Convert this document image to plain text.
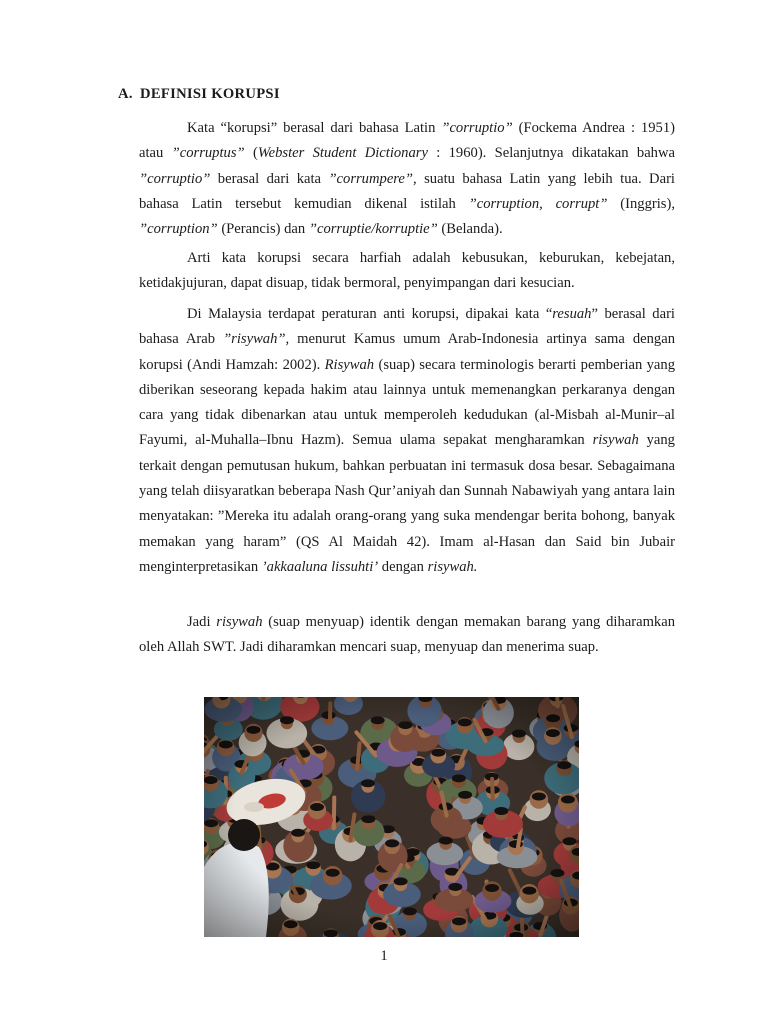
A. DEFINISI KORUPSI

Kata “korupsi” berasal dari bahasa Latin ”corruptio” (Fockema Andrea : 1951) atau ”corruptus” (Webster Student Dictionary : 1960). Selanjutnya dikatakan bahwa ”corruptio” berasal dari kata ”corrumpere”, suatu bahasa Latin yang lebih tua. Dari bahasa Latin tersebut kemudian dikenal istilah ”corruption, corrupt” (Inggris), ”corruption” (Perancis) dan ”corruptie/korruptie” (Belanda).

Arti kata korupsi secara harfiah adalah kebusukan, keburukan, kebejatan, ketidakjujuran, dapat disuap, tidak bermoral, penyimpangan dari kesucian.

Di Malaysia terdapat peraturan anti korupsi, dipakai kata “resuah” berasal dari bahasa Arab ”risywah”, menurut Kamus umum Arab-Indonesia artinya sama dengan korupsi (Andi Hamzah: 2002). Risywah (suap) secara terminologis berarti pemberian yang diberikan seseorang kepada hakim atau lainnya untuk memenangkan perkaranya dengan cara yang tidak dibenarkan atau untuk memperoleh kedudukan (al-Misbah al-Munir–al Fayumi, al-Muhalla–Ibnu Hazm). Semua ulama sepakat mengharamkan risywah yang terkait dengan pemutusan hukum, bahkan perbuatan ini termasuk dosa besar. Sebagaimana yang telah diisyaratkan beberapa Nash Qur’aniyah dan Sunnah Nabawiyah yang antara lain menyatakan: ”Mereka itu adalah orang-orang yang suka mendengar berita bohong, banyak memakan yang haram” (QS Al Maidah 42). Imam al-Hasan dan Said bin Jubair menginterpretasikan ’akkaaluna lissuhti’ dengan risywah.

Jadi risywah (suap menyuap) identik dengan memakan barang yang diharamkan oleh Allah SWT. Jadi diharamkan mencari suap, menyuap dan menerima suap.

1
